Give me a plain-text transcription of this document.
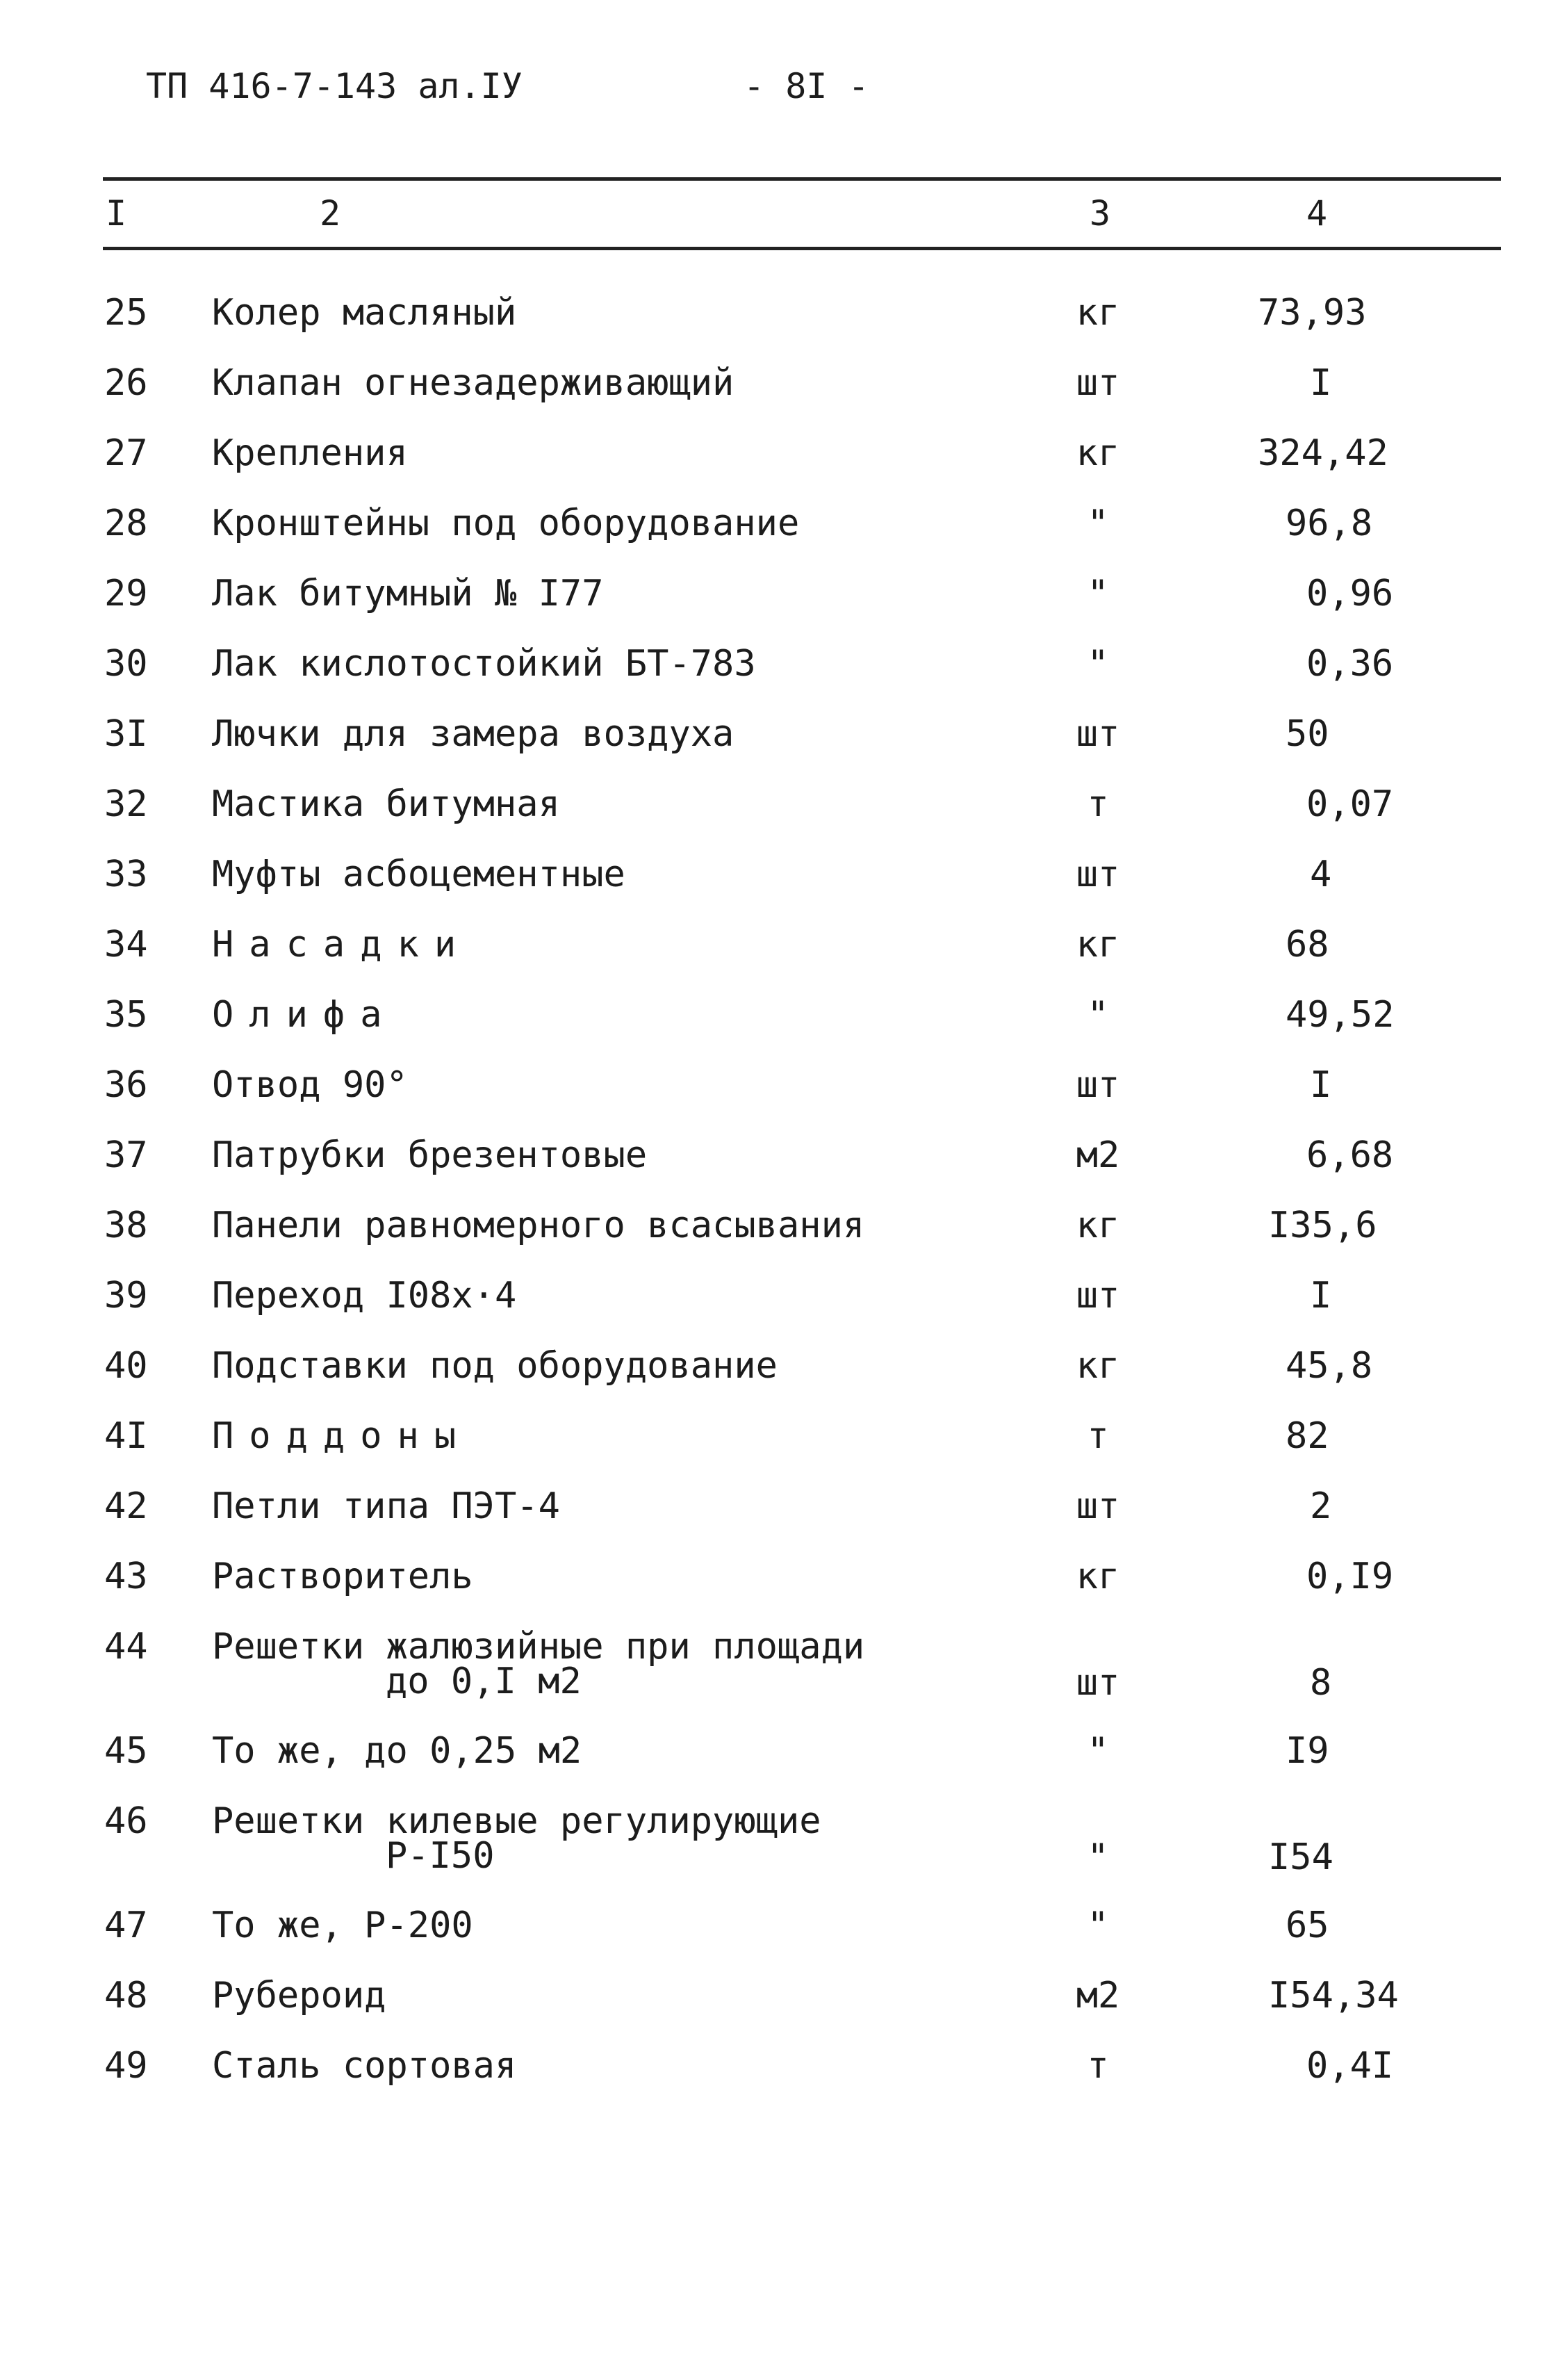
ТП 416-7-143 ал.IУ	- 8I -
I	2	3	4
25 Колер масляный	кг	73,93
26 Клапан огнезадерживающий	шт	I
27 Крепления	кг	324,42
28 Кронштейны под оборудование	"	96,8
29 Лак битумный № I77	"	0,96
30 Лак кислотостойкий БТ-783	"	0,36
3I Лючки для замера воздуха	шт	50
32 Мастика битумная	т	0,07
33 Муфты асбоцементные	шт	4
34 Насадки	кг	68
35 Олифа	"	49,52
36 Отвод 90°	шт	I
37 Патрубки брезентовые	м2	6,68
38 Панели равномерного всасывания	кг	I35,6
39 Переход I08х·4	шт	I
40 Подставки под оборудование	кг	45,8
4I Поддоны	т	82
42 Петли типа ПЭТ-4	шт	2
43 Растворитель	кг	0,I9
44 Решетки жалюзийные при площади
до 0,I м2	шт	8
45 То же, до 0,25 м2	"	I9
46 Решетки килевые регулирующие
Р-I50	"	I54
47 То же, Р-200	"	65
48 Рубероид	м2	I54,34
49 Сталь сортовая	т	0,4I
